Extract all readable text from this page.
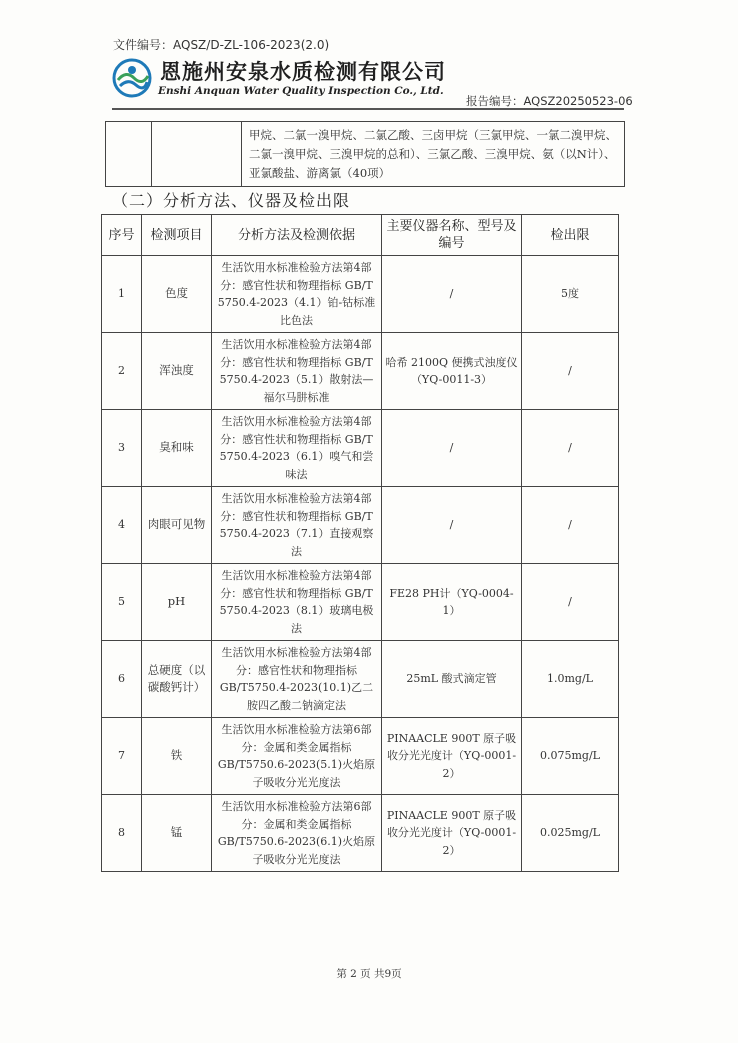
文件编号：AQSZ/D-ZL-106-2023(2.0)
恩施州安泉水质检测有限公司
Enshi Anquan Water Quality Inspection Co., Ltd.
报告编号：AQSZ20250523-06

甲烷、二氯一溴甲烷、二氯乙酸、三卤甲烷（三氯甲烷、一氯二溴甲烷、二氯一溴甲烷、三溴甲烷的总和）、三氯乙酸、三溴甲烷、氨（以N计）、亚氯酸盐、游离氯（40项）
（二）分析方法、仪器及检出限
序号	检测项目	分析方法及检测依据	主要仪器名称、型号及编号	检出限
1	色度	生活饮用水标准检验方法第4部分：感官性状和物理指标 GB/T 5750.4-2023（4.1）铂-钴标准比色法	/	5度
2	浑浊度	生活饮用水标准检验方法第4部分：感官性状和物理指标 GB/T 5750.4-2023（5.1）散射法—福尔马肼标准	哈希 2100Q 便携式浊度仪（YQ-0011-3）	/
3	臭和味	生活饮用水标准检验方法第4部分：感官性状和物理指标 GB/T 5750.4-2023（6.1）嗅气和尝味法	/	/
4	肉眼可见物	生活饮用水标准检验方法第4部分：感官性状和物理指标 GB/T 5750.4-2023（7.1）直接观察法	/	/
5	pH	生活饮用水标准检验方法第4部分：感官性状和物理指标 GB/T 5750.4-2023（8.1）玻璃电极法	FE28 PH计（YQ-0004-1）	/
6	总硬度（以碳酸钙计）	生活饮用水标准检验方法第4部分：感官性状和物理指标 GB/T5750.4-2023(10.1)乙二胺四乙酸二钠滴定法	25mL 酸式滴定管	1.0mg/L
7	铁	生活饮用水标准检验方法第6部分：金属和类金属指标 GB/T5750.6-2023(5.1)火焰原子吸收分光光度法	PINAACLE 900T 原子吸收分光光度计（YQ-0001-2）	0.075mg/L
8	锰	生活饮用水标准检验方法第6部分：金属和类金属指标 GB/T5750.6-2023(6.1)火焰原子吸收分光光度法	PINAACLE 900T 原子吸收分光光度计（YQ-0001-2）	0.025mg/L
第 2 页 共9页
